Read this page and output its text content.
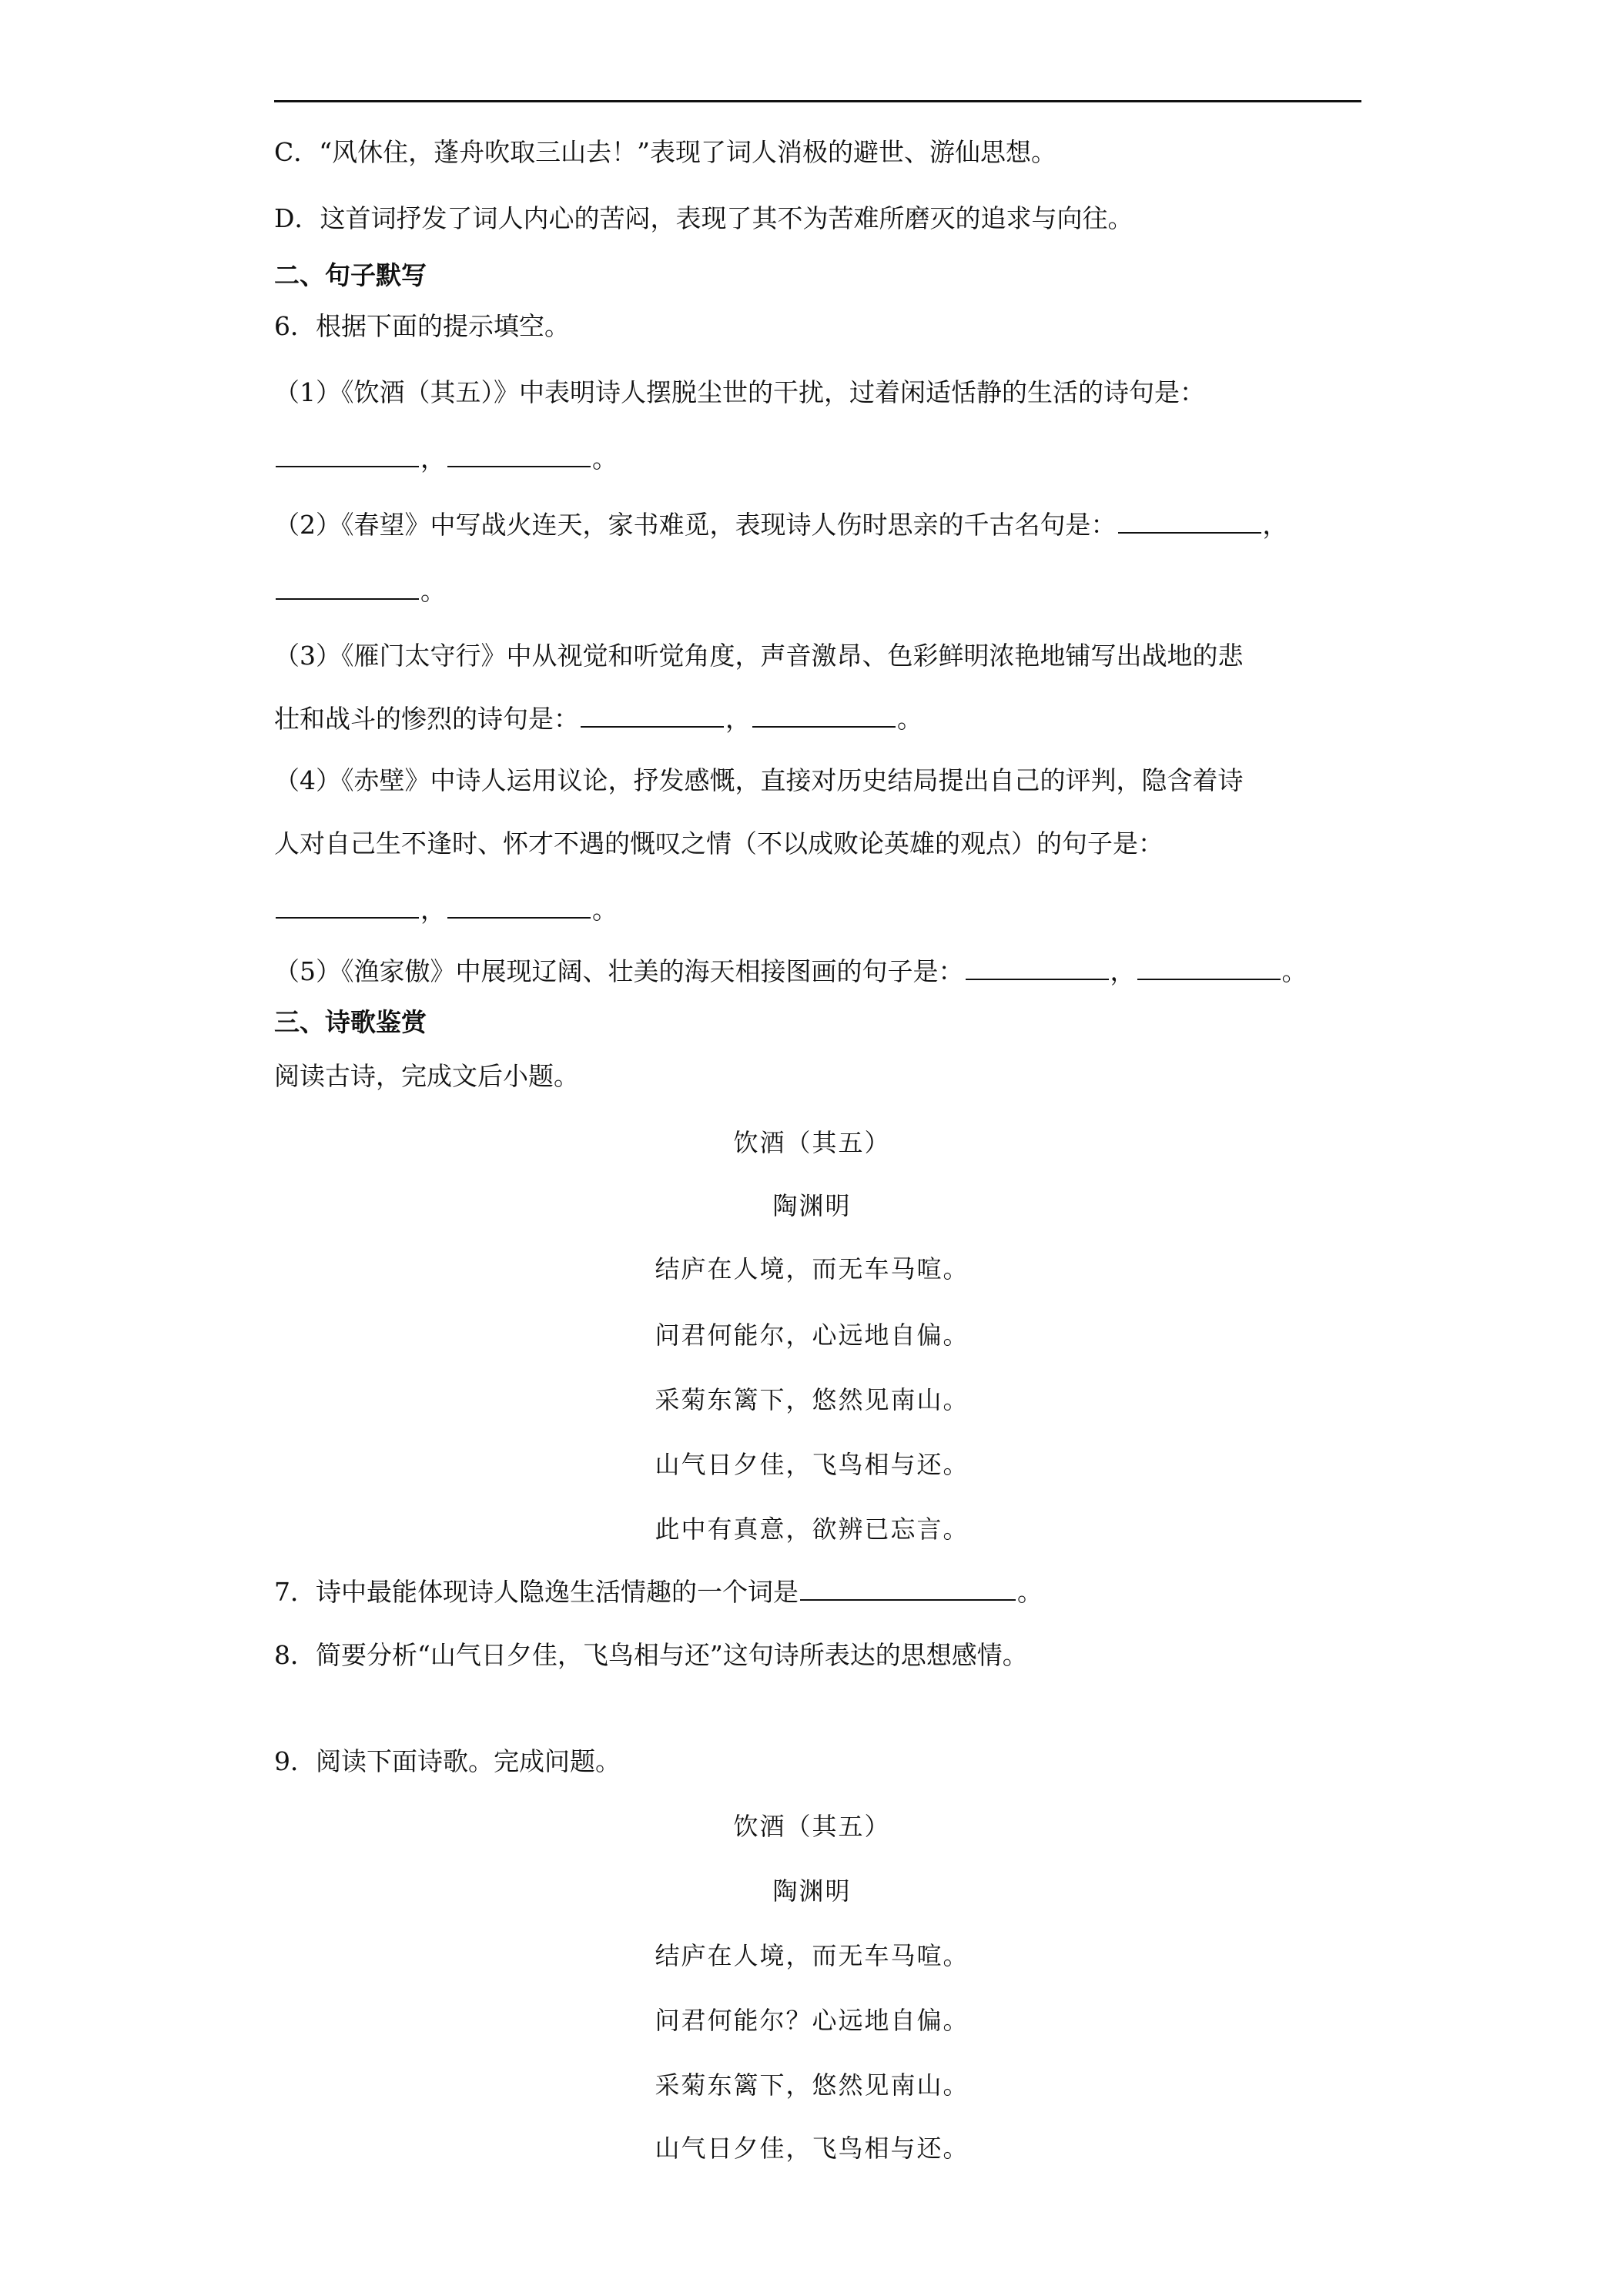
C．“风休住，蓬舟吹取三山去！”表现了词人消极的避世、游仙思想。
D．这首词抒发了词人内心的苦闷，表现了其不为苦难所磨灭的追求与向往。
二、句子默写
6．根据下面的提示填空。
（1）《饮酒（其五）》中表明诗人摆脱尘世的干扰，过着闲适恬静的生活的诗句是：
，	。
（2）《春望》中写战火连天，家书难觅，表现诗人伤时思亲的千古名句是：	，
。
（3）《雁门太守行》中从视觉和听觉角度，声音激昂、色彩鲜明浓艳地铺写出战地的悲
壮和战斗的惨烈的诗句是：	，	。
（4）《赤壁》中诗人运用议论，抒发感慨，直接对历史结局提出自己的评判，隐含着诗
人对自己生不逢时、怀才不遇的慨叹之情（不以成败论英雄的观点）的句子是：
，	。
（5）《渔家傲》中展现辽阔、壮美的海天相接图画的句子是：	，	。
三、诗歌鉴赏
阅读古诗，完成文后小题。
饮酒（其五）
陶渊明
结庐在人境，而无车马喧。
问君何能尔，心远地自偏。
采菊东篱下，悠然见南山。
山气日夕佳，飞鸟相与还。
此中有真意，欲辨已忘言。
7．诗中最能体现诗人隐逸生活情趣的一个词是	。
8．简要分析“山气日夕佳，飞鸟相与还”这句诗所表达的思想感情。
9．阅读下面诗歌。完成问题。
饮酒（其五）
陶渊明
结庐在人境，而无车马喧。
问君何能尔？心远地自偏。
采菊东篱下，悠然见南山。
山气日夕佳，飞鸟相与还。
